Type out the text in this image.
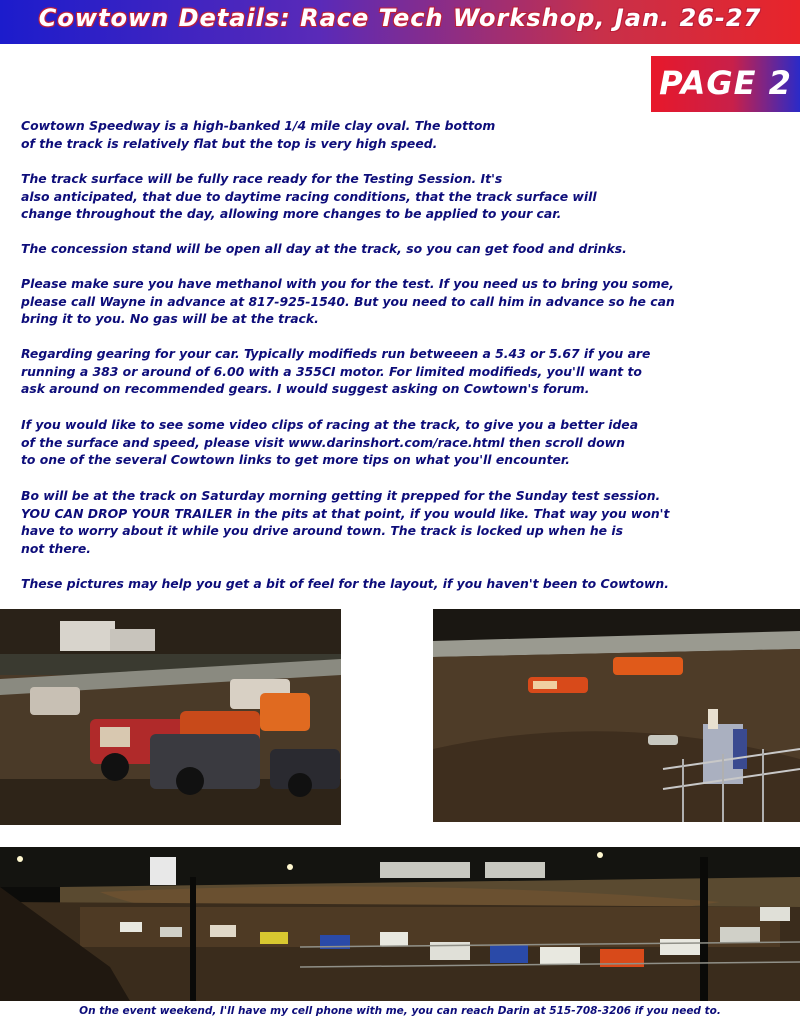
Cowtown Details: Race Tech Workshop, Jan. 26-27
PAGE 2

Cowtown Speedway is a high-banked 1/4 mile clay oval. The bottom
of the track is relatively flat but the top is very high speed.

The track surface will be fully race ready for the Testing Session. It's
also anticipated, that due to daytime racing conditions, that the track surface will
change throughout the day, allowing more changes to be applied to your car.

The concession stand will be open all day at the track, so you can get food and drinks.

Please make sure you have methanol with you for the test. If you need us to bring you some,
please call Wayne in advance at 817-925-1540. But you need to call him in advance so he can
bring it to you. No gas will be at the track.

Regarding gearing for your car. Typically modifieds run betweeen a 5.43 or 5.67 if you are
running a 383 or around of 6.00 with a 355CI motor. For limited modifieds, you'll want to
ask around on recommended gears. I would suggest asking on Cowtown's forum.

If you would like to see some video clips of racing at the track, to give you a better idea
of the surface and speed, please visit www.darinshort.com/race.html then scroll down
to one of the several Cowtown links to get more tips on what you'll encounter.

Bo will be at the track on Saturday morning getting it prepped for the Sunday test session.
YOU CAN DROP YOUR TRAILER in the pits at that point, if you would like. That way you won't
have to worry about it while you drive around town. The track is locked up when he is
not there.

These pictures may help you get a bit of feel for the layout, if you haven't been to Cowtown.

On the event weekend, I'll have my cell phone with me, you can reach Darin at 515-708-3206 if you need to.
